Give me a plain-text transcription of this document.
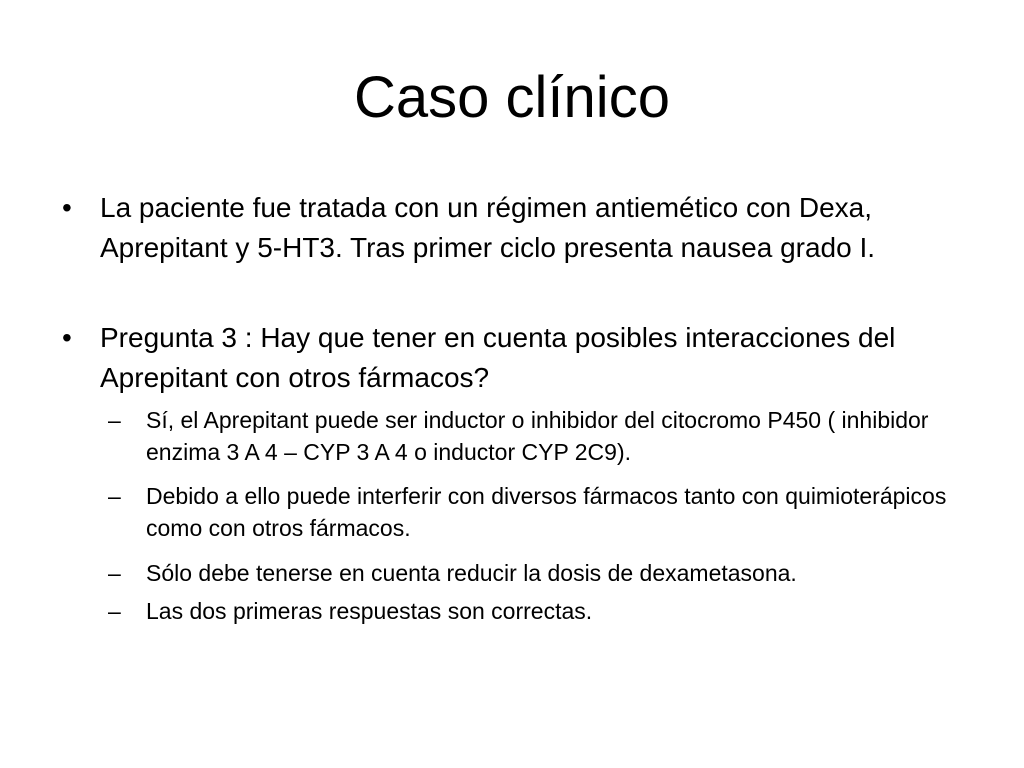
Caso clínico
•	La paciente fue tratada con un régimen antiemético con Dexa, Aprepitant y 5-HT3. Tras primer ciclo presenta nausea grado I.
•	Pregunta 3 : Hay que tener en cuenta posibles interacciones del Aprepitant con otros fármacos?
–	Sí, el Aprepitant puede ser inductor o inhibidor del citocromo P450 ( inhibidor enzima 3 A 4 – CYP 3 A 4 o inductor CYP 2C9).
–	Debido a ello puede interferir con diversos fármacos tanto con quimioterápicos como con otros fármacos.
–	Sólo debe tenerse en cuenta reducir la dosis de dexametasona.
–	Las dos primeras respuestas son correctas.
